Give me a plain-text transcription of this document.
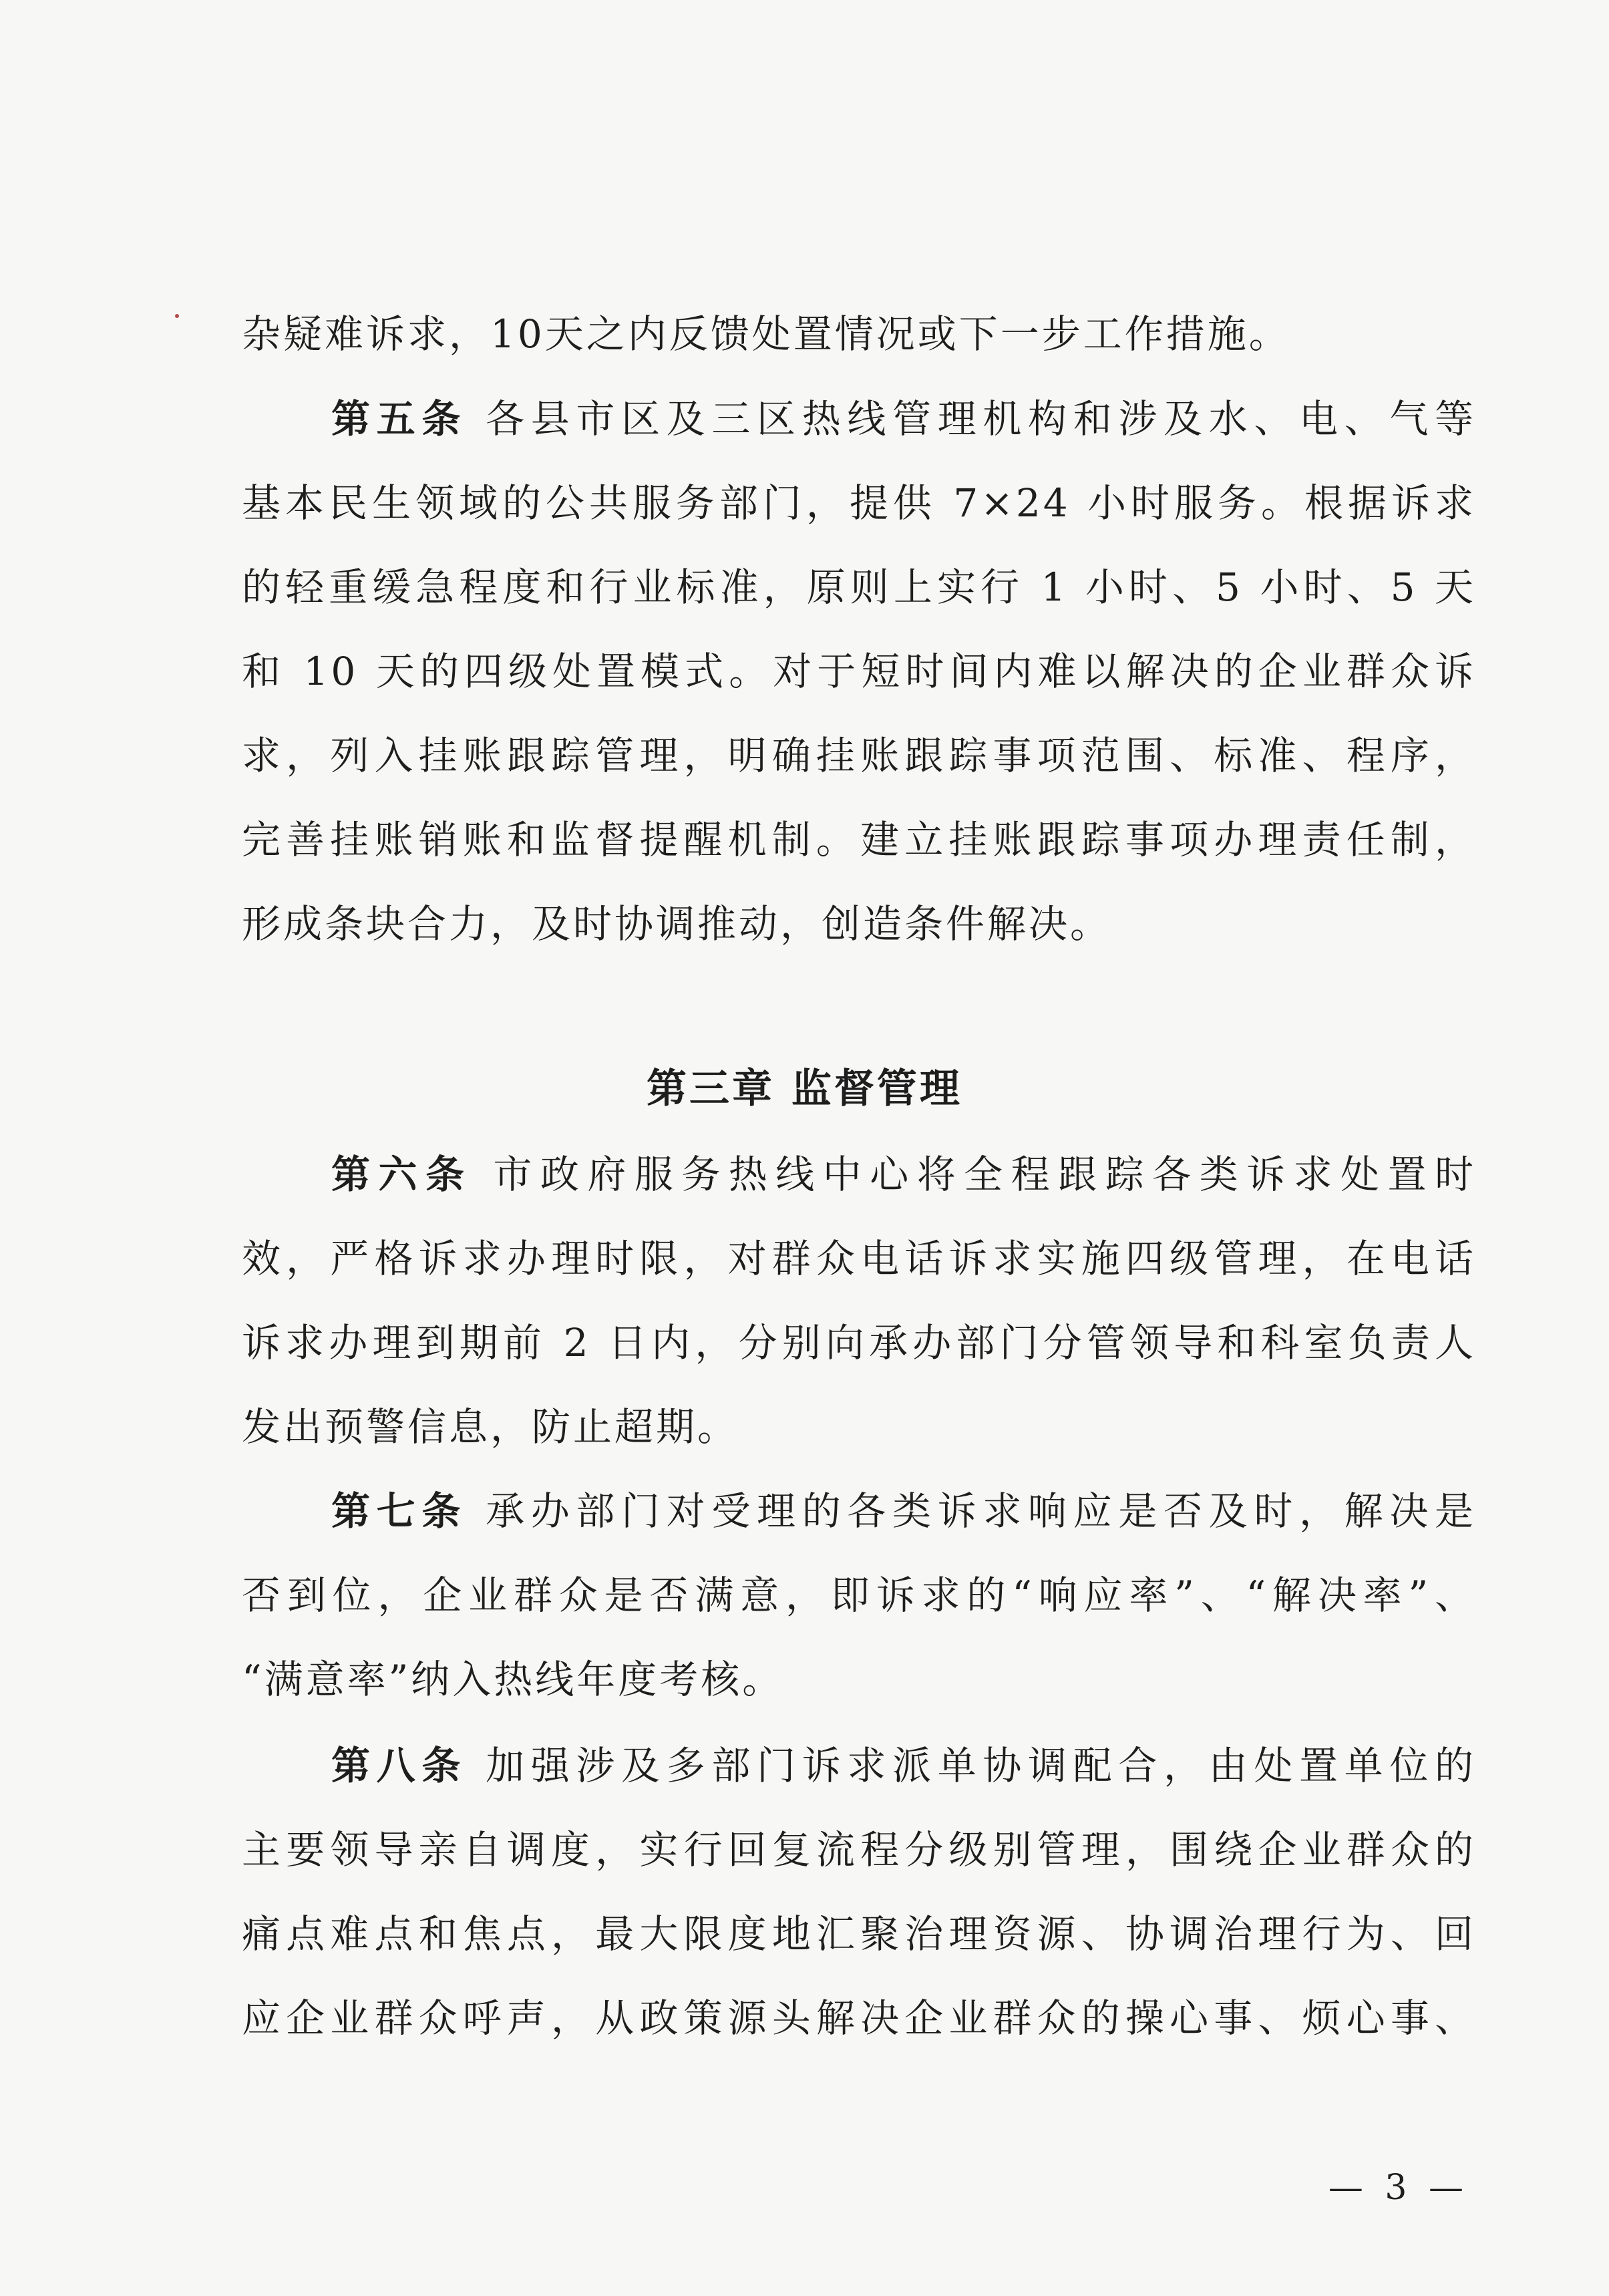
杂疑难诉求，10天之内反馈处置情况或下一步工作措施。
第五条 各县市区及三区热线管理机构和涉及水、电、气等
基本民生领域的公共服务部门，提供 7×24 小时服务。根据诉求
的轻重缓急程度和行业标准，原则上实行 1 小时、5 小时、5 天
和 10 天的四级处置模式。对于短时间内难以解决的企业群众诉
求，列入挂账跟踪管理，明确挂账跟踪事项范围、标准、程序，
完善挂账销账和监督提醒机制。建立挂账跟踪事项办理责任制，
形成条块合力，及时协调推动，创造条件解决。
第三章 监督管理
第六条 市政府服务热线中心将全程跟踪各类诉求处置时
效，严格诉求办理时限，对群众电话诉求实施四级管理，在电话
诉求办理到期前 2 日内，分别向承办部门分管领导和科室负责人
发出预警信息，防止超期。
第七条 承办部门对受理的各类诉求响应是否及时，解决是
否到位，企业群众是否满意，即诉求的“响应率”、“解决率”、
“满意率”纳入热线年度考核。
第八条 加强涉及多部门诉求派单协调配合，由处置单位的
主要领导亲自调度，实行回复流程分级别管理，围绕企业群众的
痛点难点和焦点，最大限度地汇聚治理资源、协调治理行为、回
应企业群众呼声，从政策源头解决企业群众的操心事、烦心事、
— 3 —
